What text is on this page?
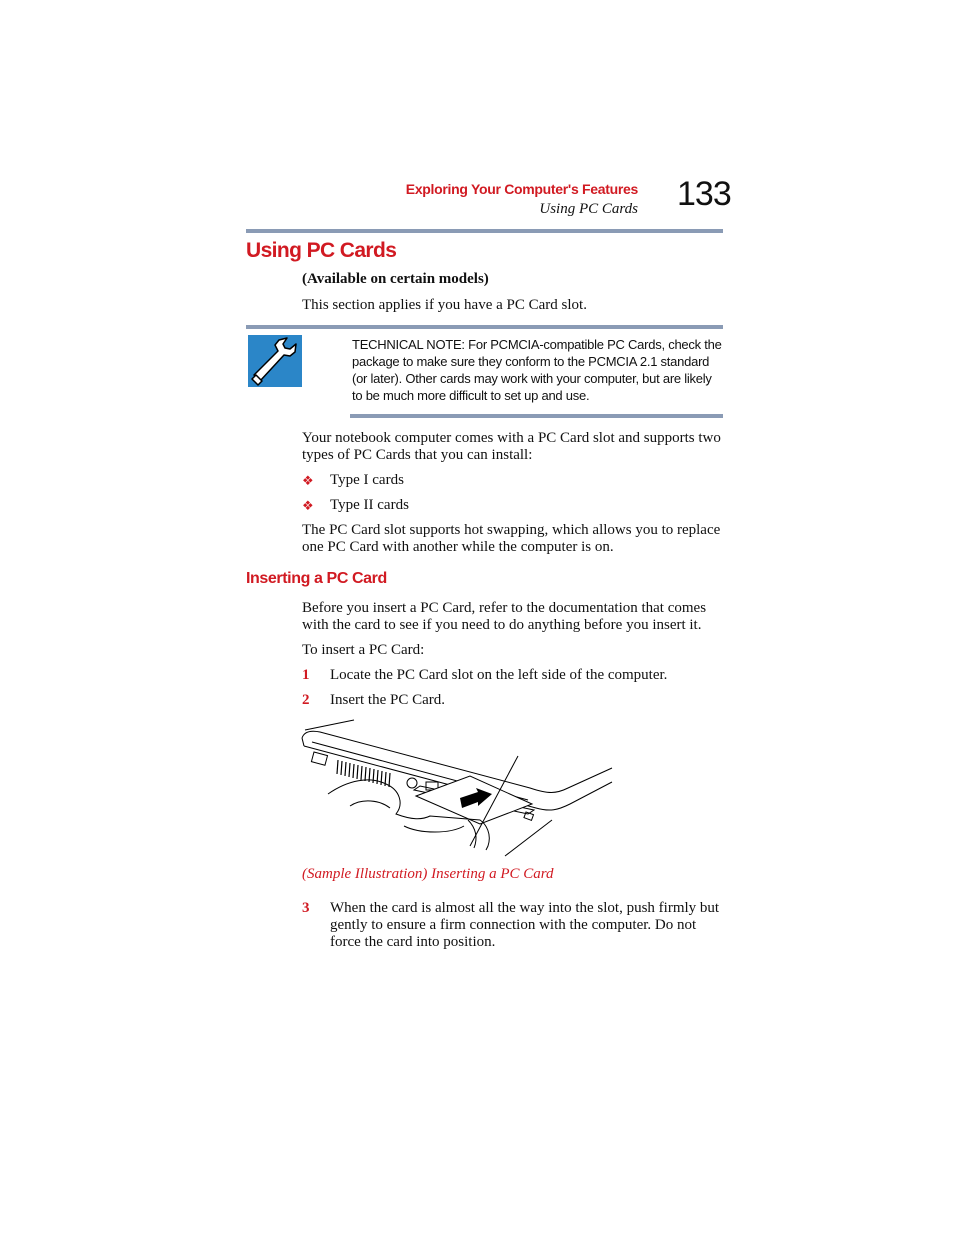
Exploring Your Computer's Features
Using PC Cards 133
Using PC Cards
(Available on certain models)
This section applies if you have a PC Card slot.
TECHNICAL NOTE: For PCMCIA-compatible PC Cards, check the package to make sure they conform to the PCMCIA 2.1 standard (or later). Other cards may work with your computer, but are likely to be much more difficult to set up and use.
Your notebook computer comes with a PC Card slot and supports two types of PC Cards that you can install:
❖ Type I cards
❖ Type II cards
The PC Card slot supports hot swapping, which allows you to replace one PC Card with another while the computer is on.
Inserting a PC Card
Before you insert a PC Card, refer to the documentation that comes with the card to see if you need to do anything before you insert it.
To insert a PC Card:
1 Locate the PC Card slot on the left side of the computer.
2 Insert the PC Card.
(Sample Illustration) Inserting a PC Card
3 When the card is almost all the way into the slot, push firmly but gently to ensure a firm connection with the computer. Do not force the card into position.
